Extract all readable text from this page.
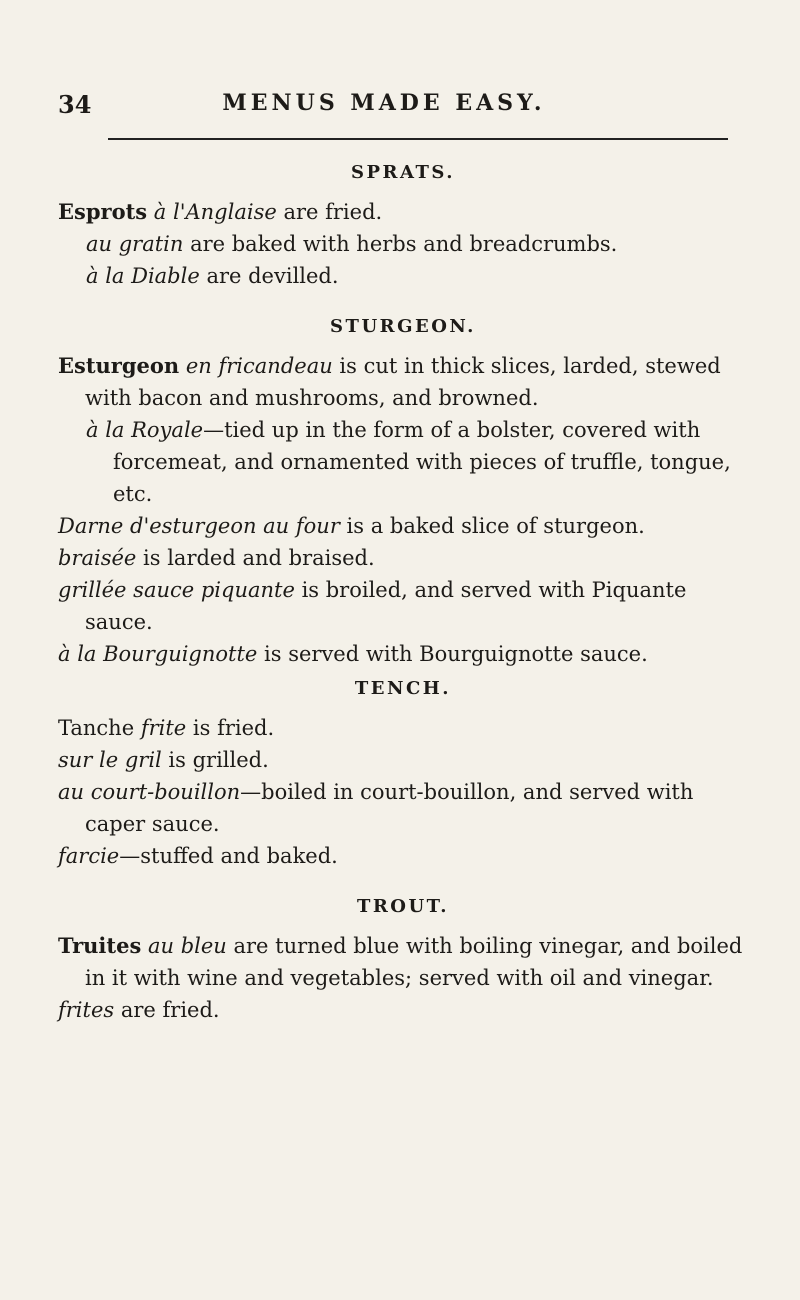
34	MENUS MADE EASY.
SPRATS.

Esprots à l'Anglaise are fried.

au gratin are baked with herbs and breadcrumbs.

à la Diable are devilled.

STURGEON.

Esturgeon en fricandeau is cut in thick slices, larded, stewed with bacon and mushrooms, and browned.

à la Royale—tied up in the form of a bolster, covered with forcemeat, and ornamented with pieces of truffle, tongue, etc.

Darne d'esturgeon au four is a baked slice of sturgeon.

braisée is larded and braised.

grillée sauce piquante is broiled, and served with Piquante sauce.

à la Bourguignotte is served with Bourguignotte sauce.

TENCH.

Tanche frite is fried.

sur le gril is grilled.

au court-bouillon—boiled in court-bouillon, and served with caper sauce.

farcie—stuffed and baked.

TROUT.

Truites au bleu are turned blue with boiling vinegar, and boiled in it with wine and vegetables; served with oil and vinegar.

frites are fried.
